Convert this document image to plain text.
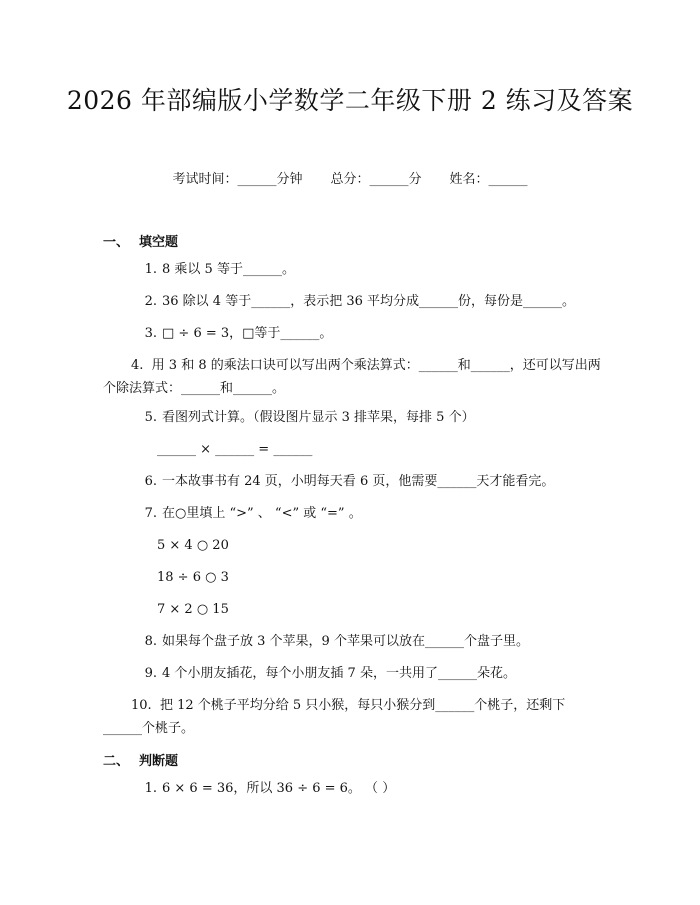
2026 年部编版小学数学二年级下册 2 练习及答案
考试时间：______分钟 总分：______分 姓名：______
一、 填空题
1. 8 乘以 5 等于______。
2. 36 除以 4 等于______，表示把 36 平均分成______份，每份是______。
3. □ ÷ 6 = 3，□等于______。
4. 用 3 和 8 的乘法口诀可以写出两个乘法算式：______和______，还可以写出两个除法算式：______和______。
5. 看图列式计算。（假设图片显示 3 排苹果，每排 5 个）
______ × ______ = ______
6. 一本故事书有 24 页，小明每天看 6 页，他需要______天才能看完。
7. 在○里填上 “>” 、 “<” 或 “=” 。
5 × 4 ○ 20
18 ÷ 6 ○ 3
7 × 2 ○ 15
8. 如果每个盘子放 3 个苹果，9 个苹果可以放在______个盘子里。
9. 4 个小朋友插花，每个小朋友插 7 朵，一共用了______朵花。
10. 把 12 个桃子平均分给 5 只小猴，每只小猴分到______个桃子，还剩下______个桃子。
二、 判断题
1. 6 × 6 = 36，所以 36 ÷ 6 = 6。 （ ）
